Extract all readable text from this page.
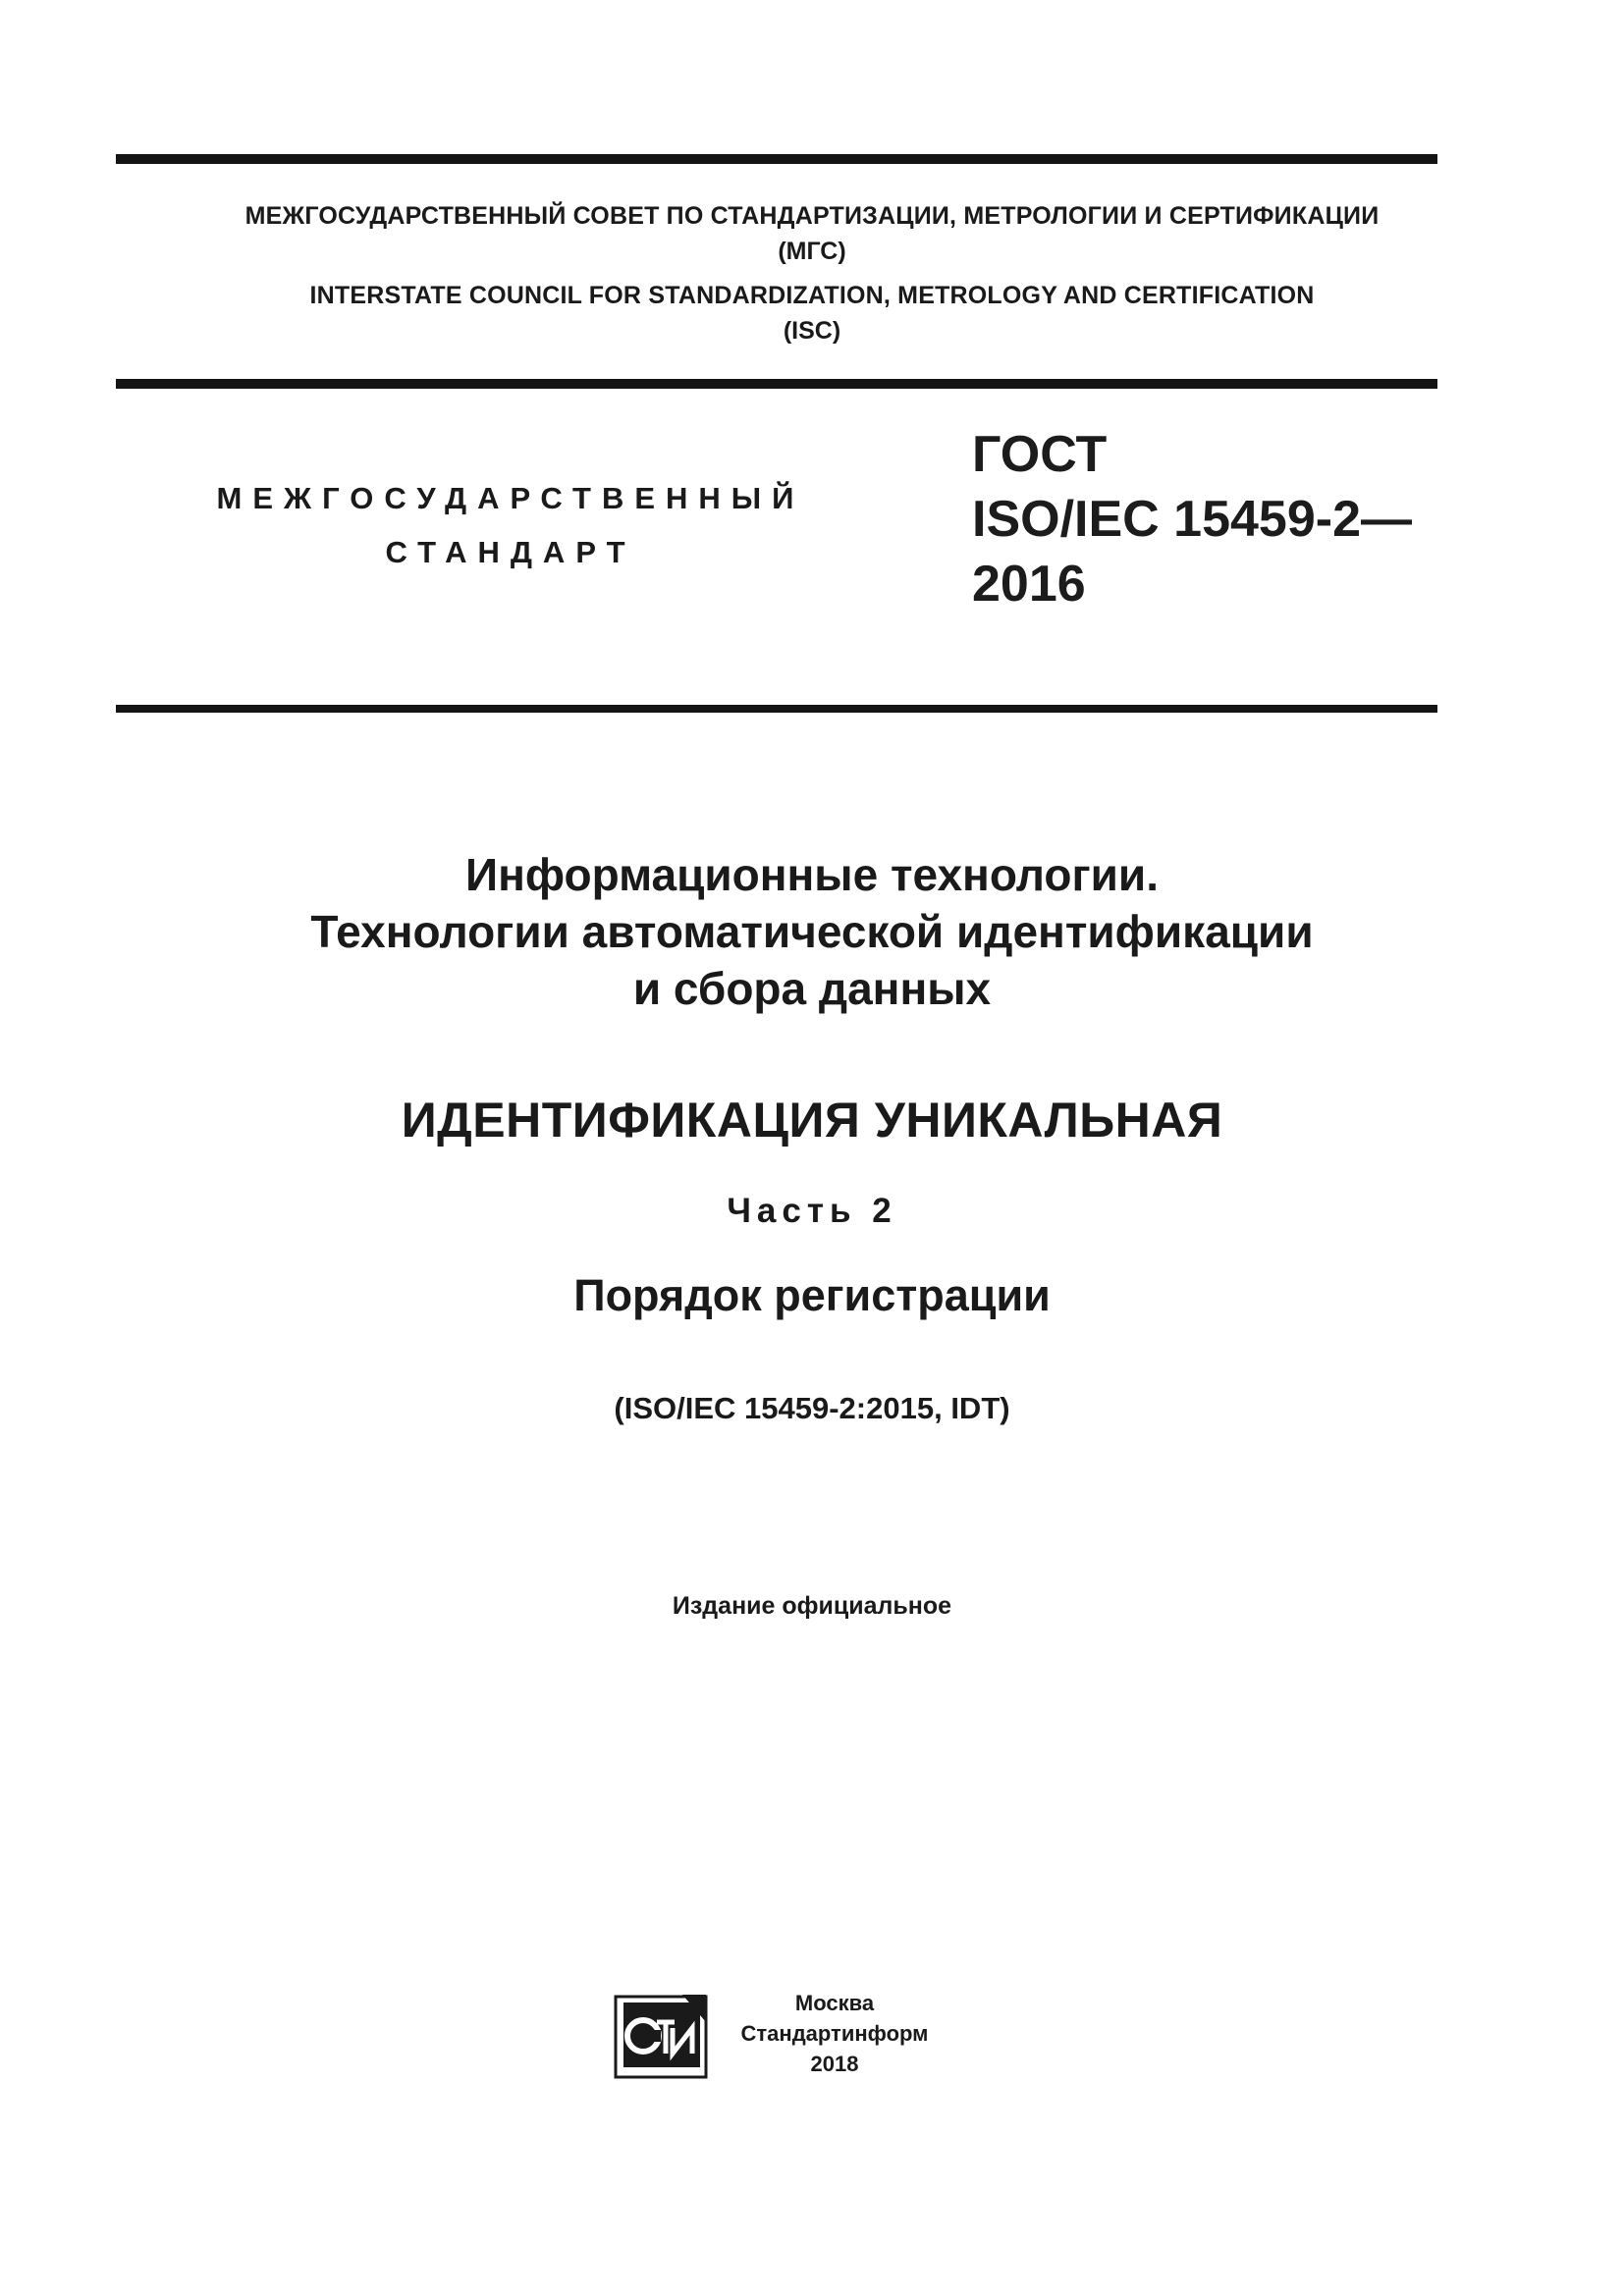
МЕЖГОСУДАРСТВЕННЫЙ СОВЕТ ПО СТАНДАРТИЗАЦИИ, МЕТРОЛОГИИ И СЕРТИФИКАЦИИ
(МГС)
INTERSTATE COUNCIL FOR STANDARDIZATION, METROLOGY AND CERTIFICATION
(ISC)
МЕЖГОСУДАРСТВЕННЫЙ
СТАНДАРТ
ГОСТ
ISO/IEC 15459-2—
2016
Информационные технологии.
Технологии автоматической идентификации
и сбора данных
ИДЕНТИФИКАЦИЯ УНИКАЛЬНАЯ
Часть 2
Порядок регистрации
(ISO/IEC 15459-2:2015, IDT)
Издание официальное
СТИ
Москва
Стандартинформ
2018
